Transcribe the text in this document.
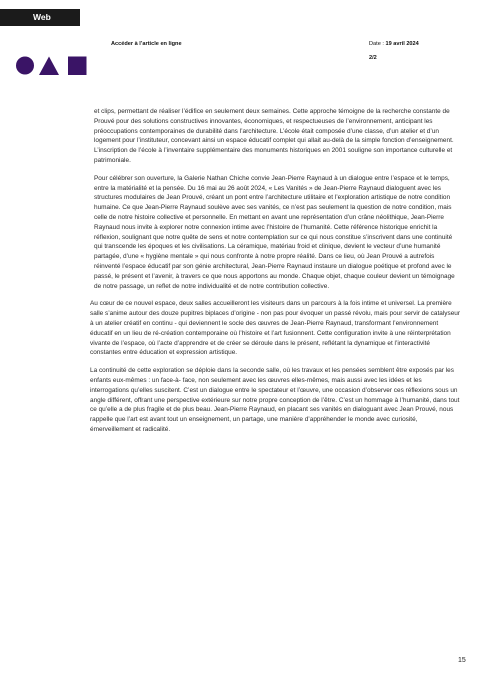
Web
Accéder à l’article en ligne	Date : 19 avril 2024
2/2

et clips, permettant de réaliser l’édifice en seulement deux semaines. Cette approche témoigne de la recherche constante de Prouvé pour des solutions constructives innovantes, économiques, et respectueuses de l’environnement, anticipant les préoccupations contemporaines de durabilité dans l’architecture. L’école était composée d’une classe, d’un atelier et d’un logement pour l’instituteur, concevant ainsi un espace éducatif complet qui allait au-delà de la simple fonction d’enseignement. L’inscription de l’école à l’inventaire supplémentaire des monuments historiques en 2001 souligne son importance culturelle et patrimoniale.

Pour célébrer son ouverture, la Galerie Nathan Chiche convie Jean-Pierre Raynaud à un dialogue entre l’espace et le temps, entre la matérialité et la pensée. Du 16 mai au 26 août 2024, « Les Vanités » de Jean-Pierre Raynaud dialoguent avec les structures modulaires de Jean Prouvé, créant un pont entre l’architecture utilitaire et l’exploration artistique de notre condition humaine. Ce que Jean-Pierre Raynaud soulève avec ses vanités, ce n’est pas seulement la question de notre condition, mais celle de notre histoire collective et personnelle. En mettant en avant une représentation d’un crâne néolithique, Jean-Pierre Raynaud nous invite à explorer notre connexion intime avec l’histoire de l’humanité. Cette référence historique enrichit la réflexion, soulignant que notre quête de sens et notre contemplation sur ce qui nous constitue s’inscrivent dans une continuité qui transcende les époques et les civilisations. La céramique, matériau froid et clinique, devient le vecteur d’une humanité partagée, d’une « hygiène mentale » qui nous confronte à notre propre réalité. Dans ce lieu, où Jean Prouvé a autrefois réinventé l’espace éducatif par son génie architectural, Jean-Pierre Raynaud instaure un dialogue poétique et profond avec le passé, le présent et l’avenir, à travers ce que nous apportons au monde. Chaque objet, chaque couleur devient un témoignage de notre passage, un reflet de notre individualité et de notre contribution collective.

Au cœur de ce nouvel espace, deux salles accueilleront les visiteurs dans un parcours à la fois intime et universel. La première salle s’anime autour des douze pupitres biplaces d’origine - non pas pour évoquer un passé révolu, mais pour servir de catalyseur à un atelier créatif en continu - qui deviennent le socle des œuvres de Jean-Pierre Raynaud, transformant l’environnement éducatif en un lieu de ré-création contemporaine où l’histoire et l’art fusionnent. Cette configuration invite à une réinterprétation vivante de l’espace, où l’acte d’apprendre et de créer se déroule dans le présent, reflétant la dynamique et l’interactivité constantes entre éducation et expression artistique.

La continuité de cette exploration se déploie dans la seconde salle, où les travaux et les pensées semblent être exposés par les enfants eux-mêmes : un face-à- face, non seulement avec les œuvres elles-mêmes, mais aussi avec les idées et les interrogations qu’elles suscitent. C’est un dialogue entre le spectateur et l’œuvre, une occasion d’observer ces réflexions sous un angle différent, offrant une perspective extérieure sur notre propre conception de l’être. C’est un hommage à l’humanité, dans tout ce qu’elle a de plus fragile et de plus beau. Jean-Pierre Raynaud, en placant ses vanités en dialoguant avec Jean Prouvé, nous rappelle que l’art est avant tout un enseignement, un partage, une manière d’appréhender le monde avec curiosité, émerveillement et radicalité.

15
